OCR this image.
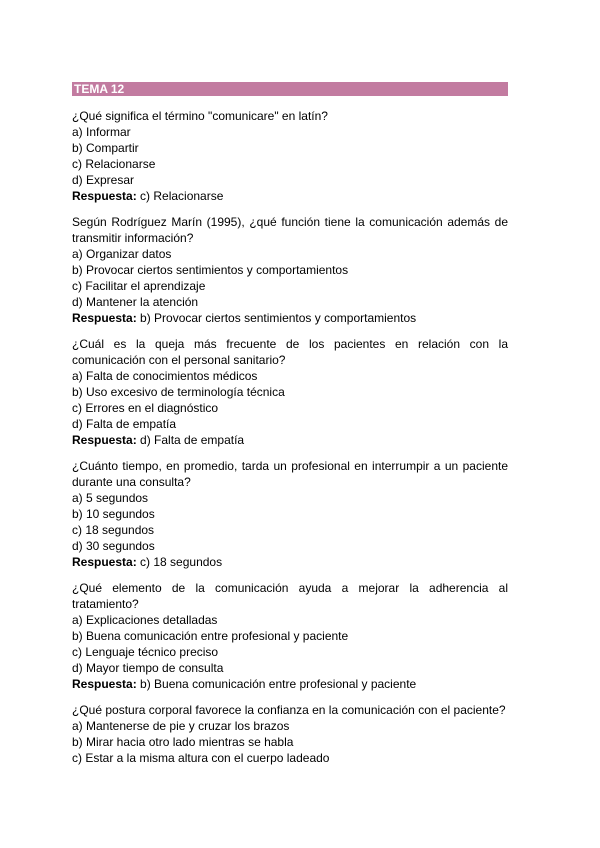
TEMA 12
¿Qué significa el término "comunicare" en latín?
a) Informar
b) Compartir
c) Relacionarse
d) Expresar
Respuesta: c) Relacionarse
Según Rodríguez Marín (1995), ¿qué función tiene la comunicación además de transmitir información?
a) Organizar datos
b) Provocar ciertos sentimientos y comportamientos
c) Facilitar el aprendizaje
d) Mantener la atención
Respuesta: b) Provocar ciertos sentimientos y comportamientos
¿Cuál es la queja más frecuente de los pacientes en relación con la comunicación con el personal sanitario?
a) Falta de conocimientos médicos
b) Uso excesivo de terminología técnica
c) Errores en el diagnóstico
d) Falta de empatía
Respuesta: d) Falta de empatía
¿Cuánto tiempo, en promedio, tarda un profesional en interrumpir a un paciente durante una consulta?
a) 5 segundos
b) 10 segundos
c) 18 segundos
d) 30 segundos
Respuesta: c) 18 segundos
¿Qué elemento de la comunicación ayuda a mejorar la adherencia al tratamiento?
a) Explicaciones detalladas
b) Buena comunicación entre profesional y paciente
c) Lenguaje técnico preciso
d) Mayor tiempo de consulta
Respuesta: b) Buena comunicación entre profesional y paciente
¿Qué postura corporal favorece la confianza en la comunicación con el paciente?
a) Mantenerse de pie y cruzar los brazos
b) Mirar hacia otro lado mientras se habla
c) Estar a la misma altura con el cuerpo ladeado
